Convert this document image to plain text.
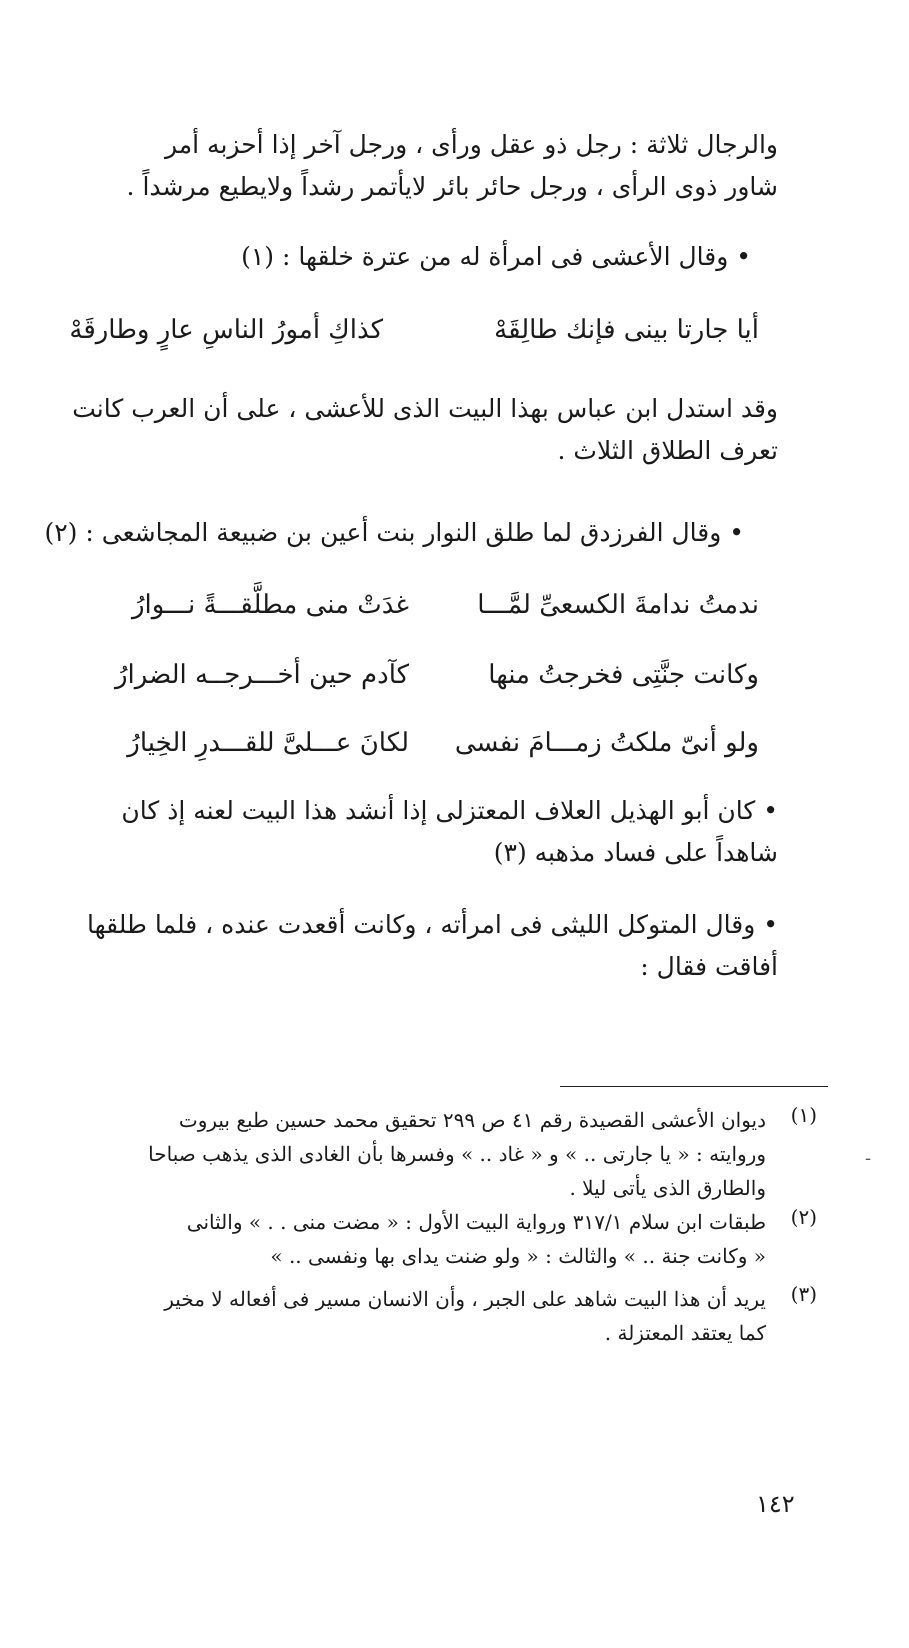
والرجال ثلاثة : رجل ذو عقل ورأى ، ورجل آخر إذا أحزبه أمر
شاور ذوى الرأى ، ورجل حائر بائر لايأتمر رشداً ولايطيع مرشداً .
• وقال الأعشى فى امرأة له من عترة خلقها : (١)
أيا جارتا بينى فإنك طالِقَهْ
كذاكِ أمورُ الناسِ عارٍ وطارقَهْ
وقد استدل ابن عباس بهذا البيت الذى للأعشى ، على أن العرب كانت
تعرف الطلاق الثلاث .
• وقال الفرزدق لما طلق النوار بنت أعين بن ضبيعة المجاشعى : (٢)
ندمتُ ندامةَ الكسعىِّ لمَّـــا
غدَتْ منى مطلَّقـــةً نـــوارُ
وكانت جنَّتِى فخرجتُ منها
كآدم حين أخـــرجــه الضرارُ
ولو أنىّ ملكتُ زمـــامَ نفسى
لكانَ عـــلىَّ للقـــدرِ الخِيارُ
• كان أبو الهذيل العلاف المعتزلى إذا أنشد هذا البيت لعنه إذ كان
شاهداً على فساد مذهبه (٣)
• وقال المتوكل الليثى فى امرأته ، وكانت أقعدت عنده ، فلما طلقها
أفاقت فقال :
(١)
ديوان الأعشى القصيدة رقم ٤١ ص ٢٩٩ تحقيق محمد حسين طبع بيروت
وروايته : « يا جارتى .. » و « غاد .. » وفسرها بأن الغادى الذى يذهب صباحا
والطارق الذى يأتى ليلا .
-
(٢)
طبقات ابن سلام ٣١٧/١ ورواية البيت الأول : « مضت منى . . » والثانى
« وكانت جنة .. » والثالث : « ولو ضنت يداى بها ونفسى .. »
(٣)
يريد أن هذا البيت شاهد على الجبر ، وأن الانسان مسير فى أفعاله لا مخير
كما يعتقد المعتزلة .
١٤٢
